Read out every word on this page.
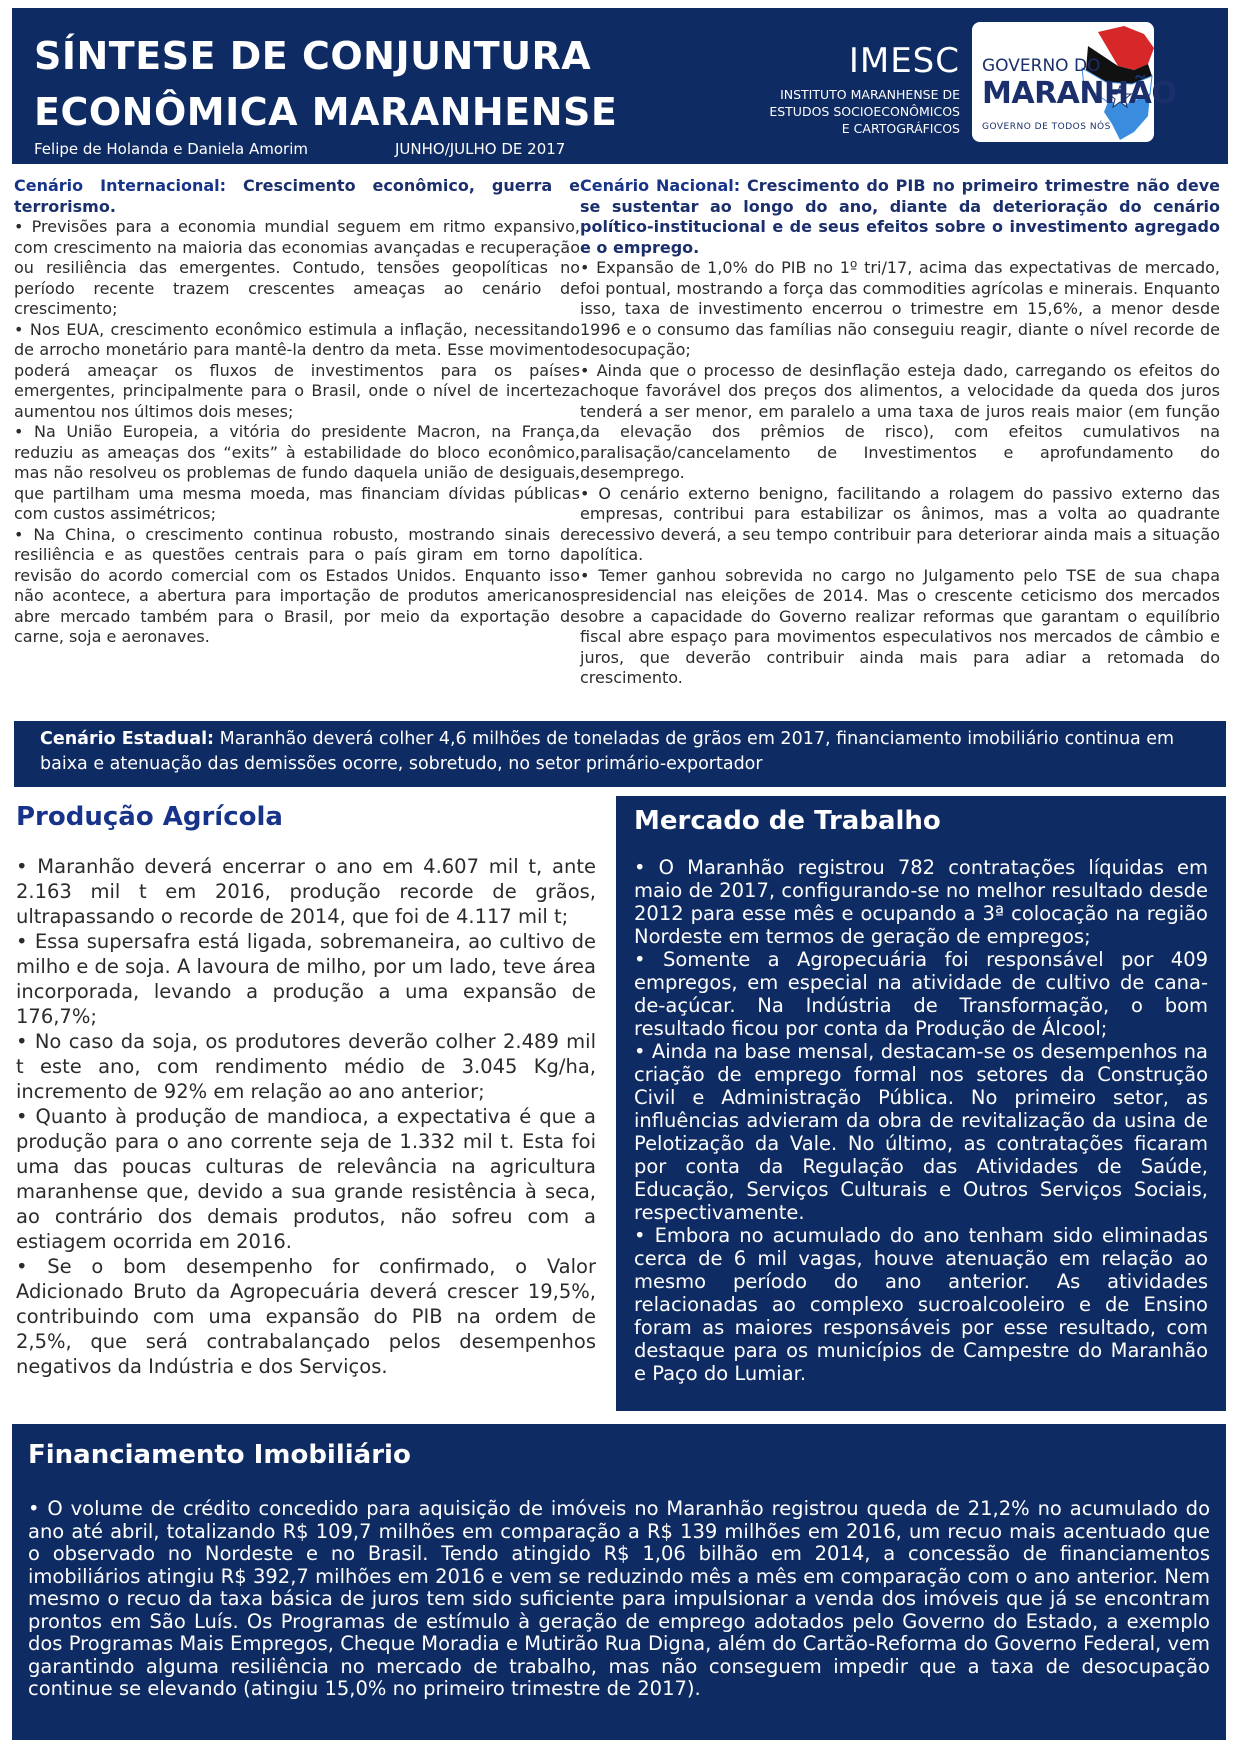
SÍNTESE DE CONJUNTURA
ECONÔMICA MARANHENSE
Felipe de Holanda e Daniela Amorim	JUNHO/JULHO DE 2017
IMESC
INSTITUTO MARANHENSE DE
ESTUDOS SOCIOECONÔMICOS
E CARTOGRÁFICOS
GOVERNO DO
MARANHÃO
GOVERNO DE TODOS NÓS
Cenário Internacional: Crescimento econômico, guerra e terrorismo.
• Previsões para a economia mundial seguem em ritmo expansivo, com crescimento na maioria das economias avançadas e recuperação ou resiliência das emergentes. Contudo, tensões geopolíticas no período recente trazem crescentes ameaças ao cenário de crescimento;
• Nos EUA, crescimento econômico estimula a inflação, necessitando de arrocho monetário para mantê-la dentro da meta. Esse movimento poderá ameaçar os fluxos de investimentos para os países emergentes, principalmente para o Brasil, onde o nível de incerteza aumentou nos últimos dois meses;
• Na União Europeia, a vitória do presidente Macron, na França, reduziu as ameaças dos “exits” à estabilidade do bloco econômico, mas não resolveu os problemas de fundo daquela união de desiguais, que partilham uma mesma moeda, mas financiam dívidas públicas com custos assimétricos;
• Na China, o crescimento continua robusto, mostrando sinais de resiliência e as questões centrais para o país giram em torno da revisão do acordo comercial com os Estados Unidos. Enquanto isso não acontece, a abertura para importação de produtos americanos abre mercado também para o Brasil, por meio da exportação de carne, soja e aeronaves.
Cenário Nacional: Crescimento do PIB no primeiro trimestre não deve se sustentar ao longo do ano, diante da deterioração do cenário político-institucional e de seus efeitos sobre o investimento agregado e o emprego.
• Expansão de 1,0% do PIB no 1º tri/17, acima das expectativas de mercado, foi pontual, mostrando a força das commodities agrícolas e minerais. Enquanto isso, taxa de investimento encerrou o trimestre em 15,6%, a menor desde 1996 e o consumo das famílias não conseguiu reagir, diante o nível recorde de desocupação;
• Ainda que o processo de desinflação esteja dado, carregando os efeitos do choque favorável dos preços dos alimentos, a velocidade da queda dos juros tenderá a ser menor, em paralelo a uma taxa de juros reais maior (em função da elevação dos prêmios de risco), com efeitos cumulativos na paralisação/cancelamento de Investimentos e aprofundamento do desemprego.
• O cenário externo benigno, facilitando a rolagem do passivo externo das empresas, contribui para estabilizar os ânimos, mas a volta ao quadrante recessivo deverá, a seu tempo contribuir para deteriorar ainda mais a situação política.
• Temer ganhou sobrevida no cargo no Julgamento pelo TSE de sua chapa presidencial nas eleições de 2014. Mas o crescente ceticismo dos mercados sobre a capacidade do Governo realizar reformas que garantam o equilíbrio fiscal abre espaço para movimentos especulativos nos mercados de câmbio e juros, que deverão contribuir ainda mais para adiar a retomada do crescimento.
Cenário Estadual: Maranhão deverá colher 4,6 milhões de toneladas de grãos em 2017, financiamento imobiliário continua em baixa e atenuação das demissões ocorre, sobretudo, no setor primário-exportador
Produção Agrícola
• Maranhão deverá encerrar o ano em 4.607 mil t, ante 2.163 mil t em 2016, produção recorde de grãos, ultrapassando o recorde de 2014, que foi de 4.117 mil t;
• Essa supersafra está ligada, sobremaneira, ao cultivo de milho e de soja. A lavoura de milho, por um lado, teve área incorporada, levando a produção a uma expansão de 176,7%;
• No caso da soja, os produtores deverão colher 2.489 mil t este ano, com rendimento médio de 3.045 Kg/ha, incremento de 92% em relação ao ano anterior;
• Quanto à produção de mandioca, a expectativa é que a produção para o ano corrente seja de 1.332 mil t. Esta foi uma das poucas culturas de relevância na agricultura maranhense que, devido a sua grande resistência à seca, ao contrário dos demais produtos, não sofreu com a estiagem ocorrida em 2016.
• Se o bom desempenho for confirmado, o Valor Adicionado Bruto da Agropecuária deverá crescer 19,5%, contribuindo com uma expansão do PIB na ordem de 2,5%, que será contrabalançado pelos desempenhos negativos da Indústria e dos Serviços.
Mercado de Trabalho
• O Maranhão registrou 782 contratações líquidas em maio de 2017, configurando-se no melhor resultado desde 2012 para esse mês e ocupando a 3ª colocação na região Nordeste em termos de geração de empregos;
• Somente a Agropecuária foi responsável por 409 empregos, em especial na atividade de cultivo de cana-de-açúcar. Na Indústria de Transformação, o bom resultado ficou por conta da Produção de Álcool;
• Ainda na base mensal, destacam-se os desempenhos na criação de emprego formal nos setores da Construção Civil e Administração Pública. No primeiro setor, as influências advieram da obra de revitalização da usina de Pelotização da Vale. No último, as contratações ficaram por conta da Regulação das Atividades de Saúde, Educação, Serviços Culturais e Outros Serviços Sociais, respectivamente.
• Embora no acumulado do ano tenham sido eliminadas cerca de 6 mil vagas, houve atenuação em relação ao mesmo período do ano anterior. As atividades relacionadas ao complexo sucroalcooleiro e de Ensino foram as maiores responsáveis por esse resultado, com destaque para os municípios de Campestre do Maranhão e Paço do Lumiar.
Financiamento Imobiliário
• O volume de crédito concedido para aquisição de imóveis no Maranhão registrou queda de 21,2% no acumulado do ano até abril, totalizando R$ 109,7 milhões em comparação a R$ 139 milhões em 2016, um recuo mais acentuado que o observado no Nordeste e no Brasil. Tendo atingido R$ 1,06 bilhão em 2014, a concessão de financiamentos imobiliários atingiu R$ 392,7 milhões em 2016 e vem se reduzindo mês a mês em comparação com o ano anterior. Nem mesmo o recuo da taxa básica de juros tem sido suficiente para impulsionar a venda dos imóveis que já se encontram prontos em São Luís. Os Programas de estímulo à geração de emprego adotados pelo Governo do Estado, a exemplo dos Programas Mais Empregos, Cheque Moradia e Mutirão Rua Digna, além do Cartão-Reforma do Governo Federal, vem garantindo alguma resiliência no mercado de trabalho, mas não conseguem impedir que a taxa de desocupação continue se elevando (atingiu 15,0% no primeiro trimestre de 2017).
